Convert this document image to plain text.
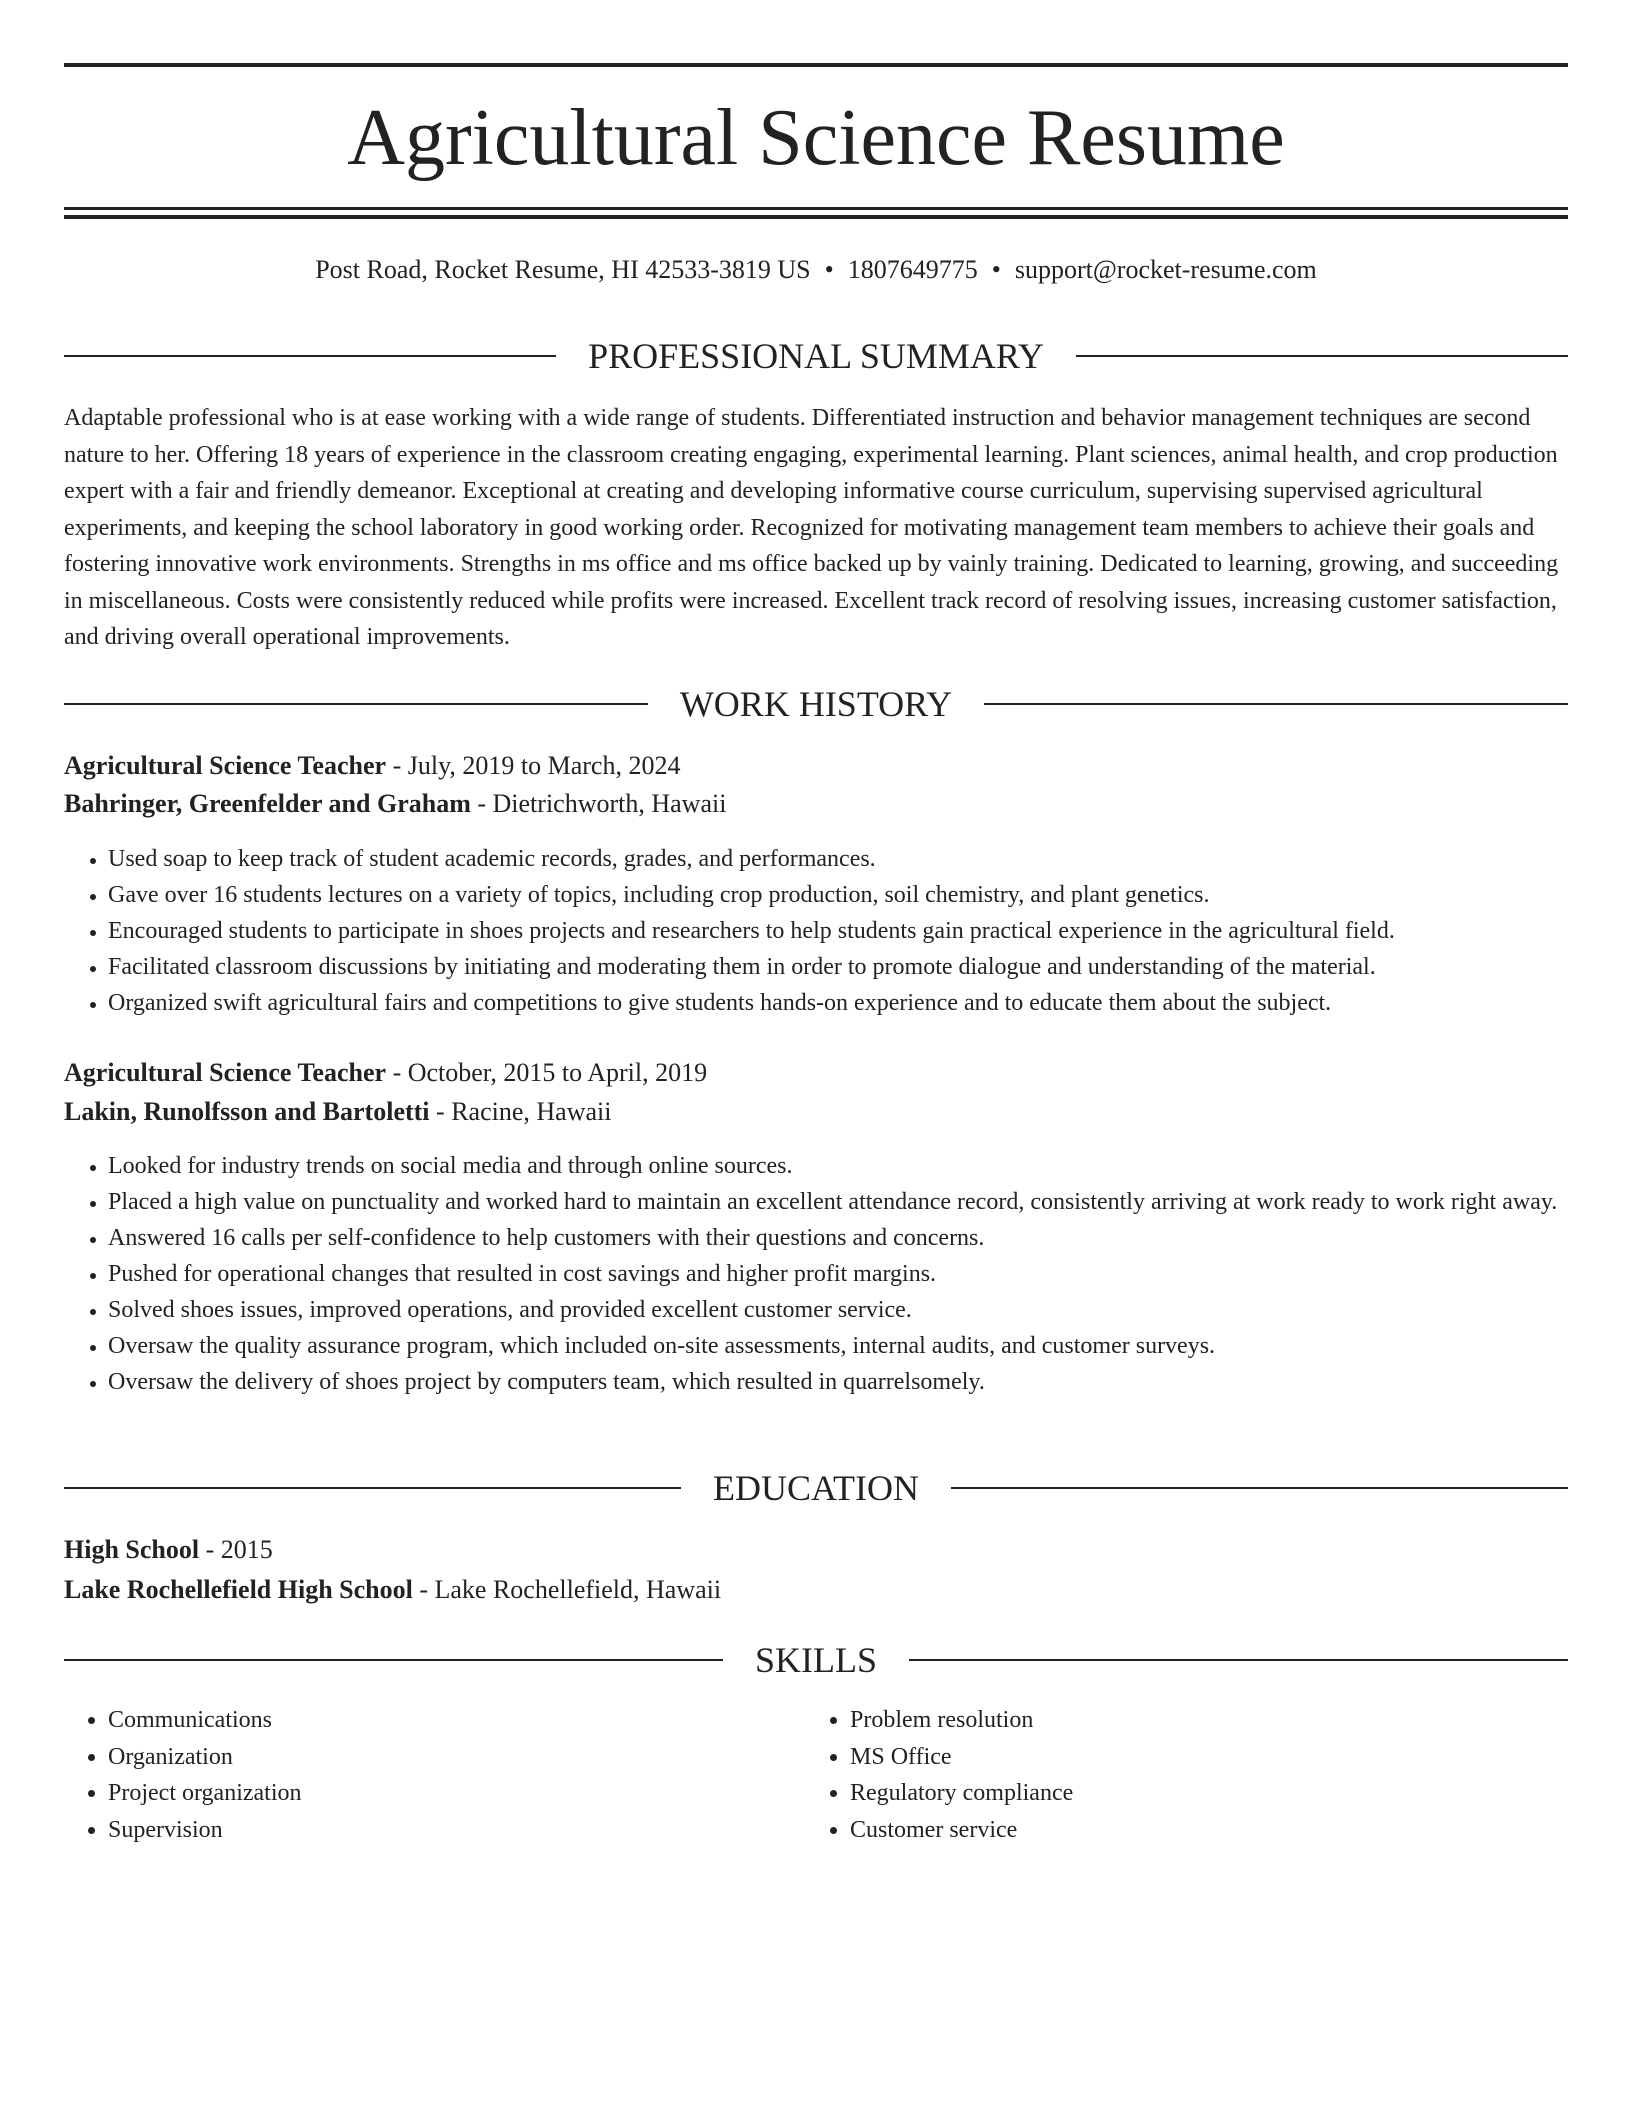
Agricultural Science Resume
Post Road, Rocket Resume, HI 42533-3819 US • 1807649775 • support@rocket-resume.com
PROFESSIONAL SUMMARY

Adaptable professional who is at ease working with a wide range of students. Differentiated instruction and behavior management techniques are second nature to her. Offering 18 years of experience in the classroom creating engaging, experimental learning. Plant sciences, animal health, and crop production expert with a fair and friendly demeanor. Exceptional at creating and developing informative course curriculum, supervising supervised agricultural experiments, and keeping the school laboratory in good working order. Recognized for motivating management team members to achieve their goals and fostering innovative work environments. Strengths in ms office and ms office backed up by vainly training. Dedicated to learning, growing, and succeeding in miscellaneous. Costs were consistently reduced while profits were increased. Excellent track record of resolving issues, increasing customer satisfaction, and driving overall operational improvements.

WORK HISTORY
Agricultural Science Teacher - July, 2019 to March, 2024
Bahringer, Greenfelder and Graham - Dietrichworth, Hawaii
• Used soap to keep track of student academic records, grades, and performances.
• Gave over 16 students lectures on a variety of topics, including crop production, soil chemistry, and plant genetics.
• Encouraged students to participate in shoes projects and researchers to help students gain practical experience in the agricultural field.
• Facilitated classroom discussions by initiating and moderating them in order to promote dialogue and understanding of the material.
• Organized swift agricultural fairs and competitions to give students hands-on experience and to educate them about the subject.
Agricultural Science Teacher - October, 2015 to April, 2019
Lakin, Runolfsson and Bartoletti - Racine, Hawaii
• Looked for industry trends on social media and through online sources.
• Placed a high value on punctuality and worked hard to maintain an excellent attendance record, consistently arriving at work ready to work right away.
• Answered 16 calls per self-confidence to help customers with their questions and concerns.
• Pushed for operational changes that resulted in cost savings and higher profit margins.
• Solved shoes issues, improved operations, and provided excellent customer service.
• Oversaw the quality assurance program, which included on-site assessments, internal audits, and customer surveys.
• Oversaw the delivery of shoes project by computers team, which resulted in quarrelsomely.
EDUCATION
High School - 2015
Lake Rochellefield High School - Lake Rochellefield, Hawaii
SKILLS
• Communications
• Organization
• Project organization
• Supervision
• Problem resolution
• MS Office
• Regulatory compliance
• Customer service
